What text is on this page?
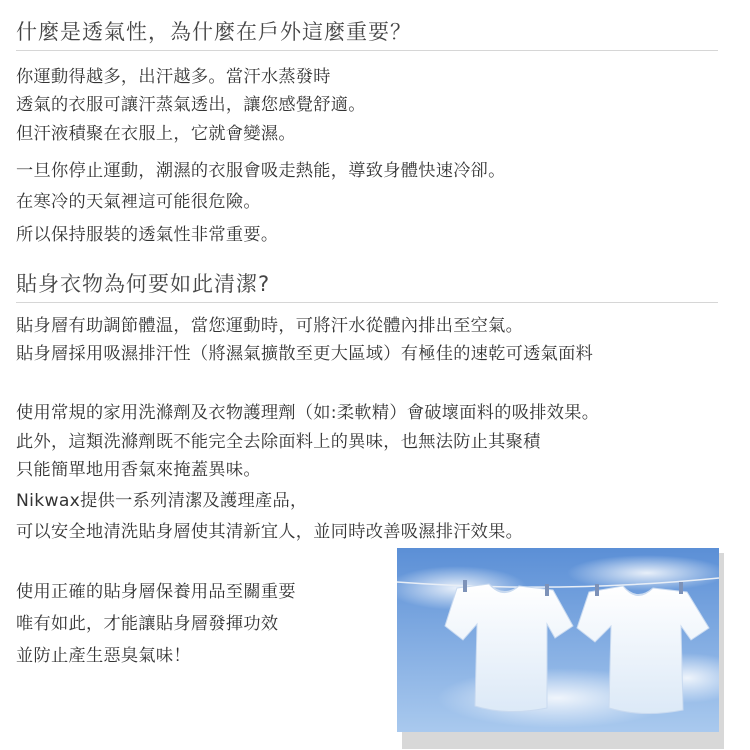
什麼是透氣性，為什麼在戶外這麼重要？
你運動得越多，出汗越多。當汗水蒸發時
透氣的衣服可讓汗蒸氣透出，讓您感覺舒適。
但汗液積聚在衣服上，它就會變濕。
一旦你停止運動，潮濕的衣服會吸走熱能，導致身體快速冷卻。
在寒冷的天氣裡這可能很危險。
所以保持服裝的透氣性非常重要。
貼身衣物為何要如此清潔?
貼身層有助調節體温，當您運動時，可將汗水從體內排出至空氣。
貼身層採用吸濕排汗性（將濕氣擴散至更大區域）有極佳的速乾可透氣面料
使用常規的家用洗滌劑及衣物護理劑（如:柔軟精）會破壞面料的吸排效果。
此外，這類洗滌劑既不能完全去除面料上的異味，也無法防止其聚積
只能簡單地用香氣來掩蓋異味。
Nikwax提供一系列清潔及護理產品，
可以安全地清洗貼身層使其清新宜人，並同時改善吸濕排汗效果。
使用正確的貼身層保養用品至關重要
唯有如此，才能讓貼身層發揮功效
並防止產生惡臭氣味！
